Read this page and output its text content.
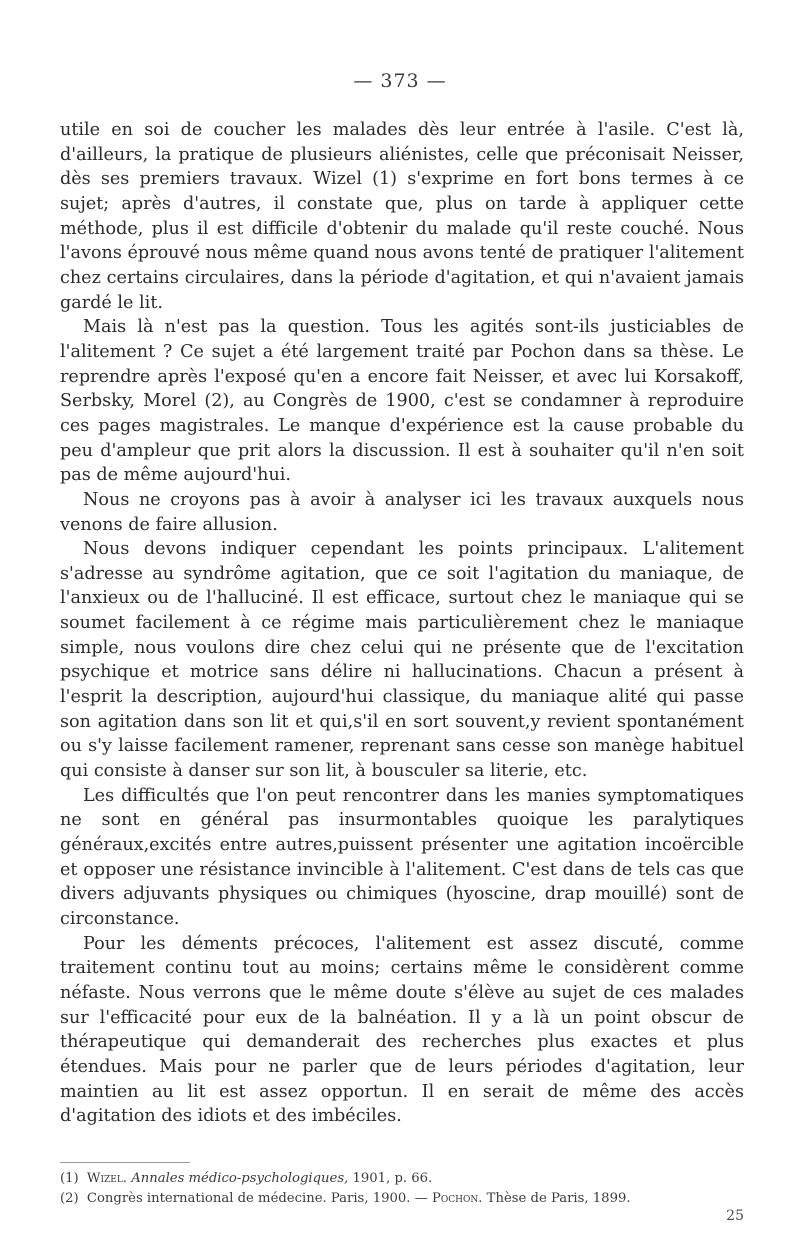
— 373 —

utile en soi de coucher les malades dès leur entrée à l'asile. C'est là, d'ailleurs, la pratique de plusieurs aliénistes, celle que préconisait Neisser, dès ses premiers travaux. Wizel (1) s'exprime en fort bons termes à ce sujet; après d'autres, il constate que, plus on tarde à appliquer cette méthode, plus il est difficile d'obtenir du malade qu'il reste couché. Nous l'avons éprouvé nous même quand nous avons tenté de pratiquer l'alitement chez certains circulaires, dans la période d'agitation, et qui n'avaient jamais gardé le lit.

Mais là n'est pas la question. Tous les agités sont-ils justiciables de l'alitement ? Ce sujet a été largement traité par Pochon dans sa thèse. Le reprendre après l'exposé qu'en a encore fait Neisser, et avec lui Korsakoff, Serbsky, Morel (2), au Congrès de 1900, c'est se condamner à reproduire ces pages magistrales. Le manque d'expérience est la cause probable du peu d'ampleur que prit alors la discussion. Il est à souhaiter qu'il n'en soit pas de même aujourd'hui.

Nous ne croyons pas à avoir à analyser ici les travaux auxquels nous venons de faire allusion.

Nous devons indiquer cependant les points principaux. L'alitement s'adresse au syndrôme agitation, que ce soit l'agitation du maniaque, de l'anxieux ou de l'halluciné. Il est efficace, surtout chez le maniaque qui se soumet facilement à ce régime mais particulièrement chez le maniaque simple, nous voulons dire chez celui qui ne présente que de l'excitation psychique et motrice sans délire ni hallucinations. Chacun a présent à l'esprit la description, aujourd'hui classique, du maniaque alité qui passe son agitation dans son lit et qui,s'il en sort souvent,y revient spontanément ou s'y laisse facilement ramener, reprenant sans cesse son manège habituel qui consiste à danser sur son lit, à bousculer sa literie, etc.

Les difficultés que l'on peut rencontrer dans les manies symptomatiques ne sont en général pas insurmontables quoique les paralytiques généraux,excités entre autres,puissent présenter une agitation incoërcible et opposer une résistance invincible à l'alitement. C'est dans de tels cas que divers adjuvants physiques ou chimiques (hyoscine, drap mouillé) sont de circonstance.

Pour les déments précoces, l'alitement est assez discuté, comme traitement continu tout au moins; certains même le considèrent comme néfaste. Nous verrons que le même doute s'élève au sujet de ces malades sur l'efficacité pour eux de la balnéation. Il y a là un point obscur de thérapeutique qui demanderait des recherches plus exactes et plus étendues. Mais pour ne parler que de leurs périodes d'agitation, leur maintien au lit est assez opportun. Il en serait de même des accès d'agitation des idiots et des imbéciles.

(1) Wizel. Annales médico-psychologiques, 1901, p. 66.

(2) Congrès international de médecine. Paris, 1900. — Pochon. Thèse de Paris, 1899.

25
